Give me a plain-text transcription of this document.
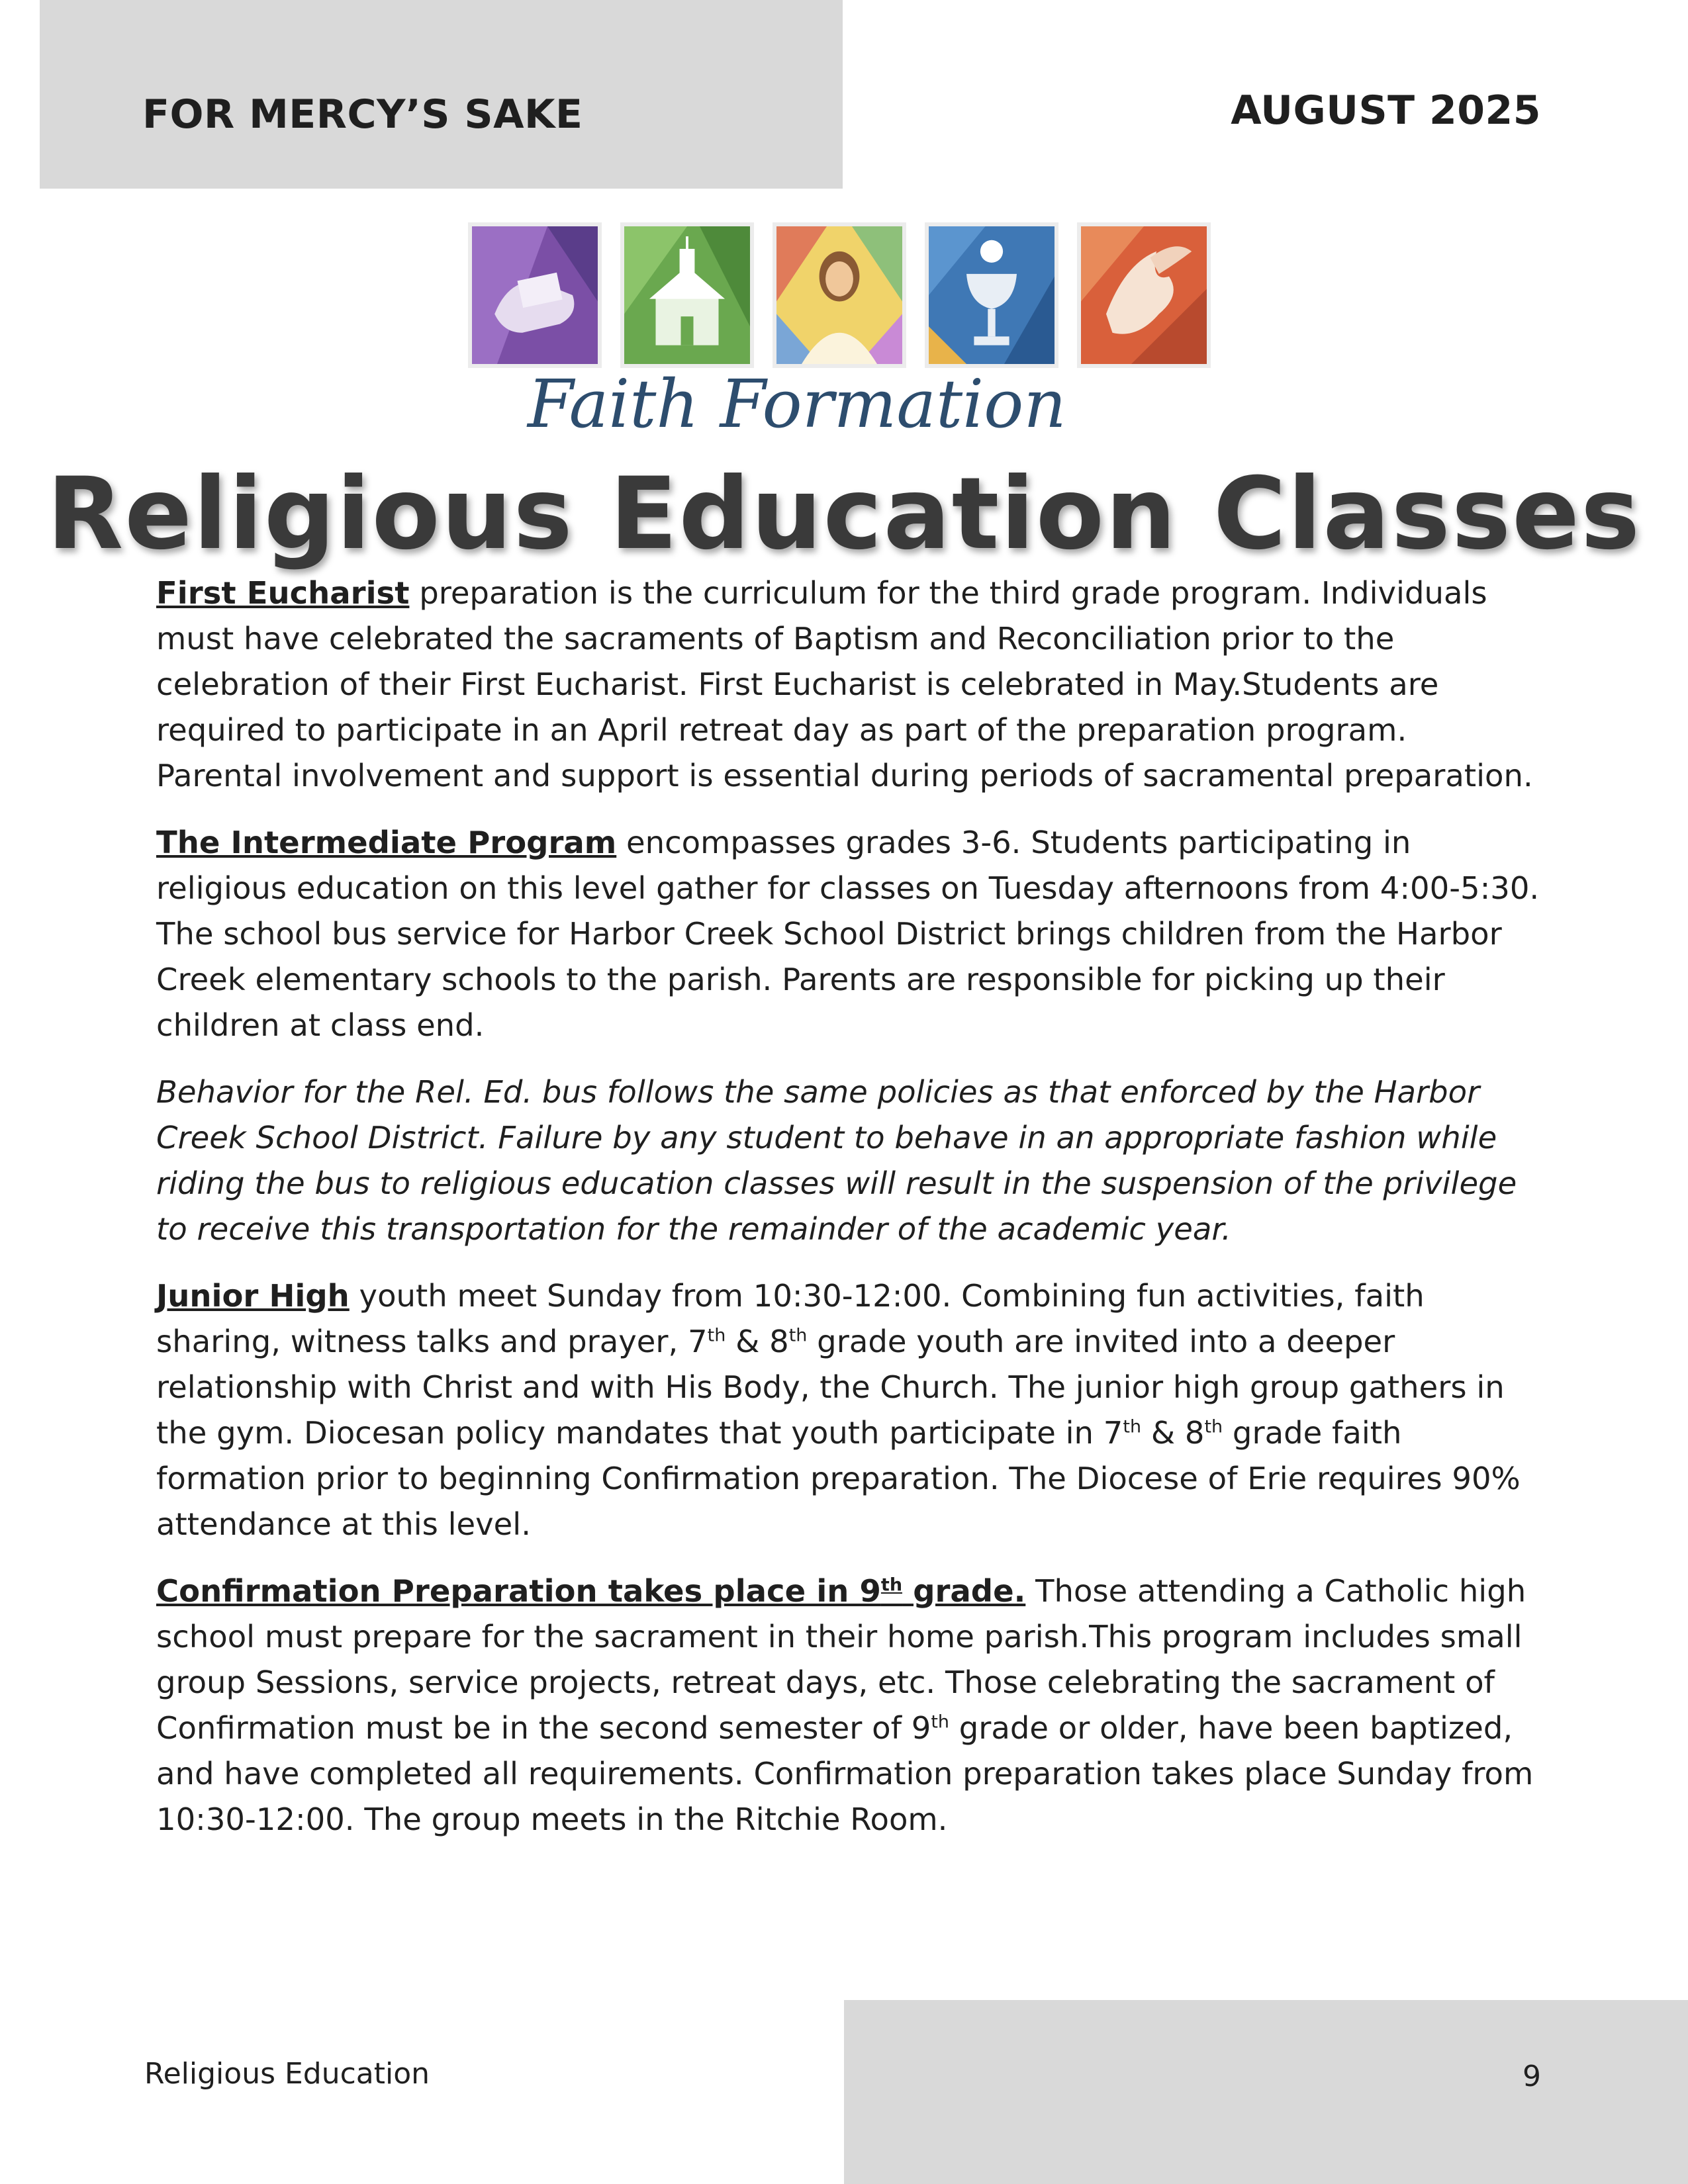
FOR MERCY’S SAKE	AUGUST 2025
Faith Formation
Religious Education Classes

First Eucharist preparation is the curriculum for the third grade program. Individuals must have celebrated the sacraments of Baptism and Reconciliation prior to the celebration of their First Eucharist. First Eucharist is celebrated in May.Students are required to participate in an April retreat day as part of the preparation program. Parental involvement and support is essential during periods of sacramental preparation.

The Intermediate Program encompasses grades 3-6. Students participating in religious education on this level gather for classes on Tuesday afternoons from 4:00-5:30. The school bus service for Harbor Creek School District brings children from the Harbor Creek elementary schools to the parish. Parents are responsible for picking up their children at class end.

Behavior for the Rel. Ed. bus follows the same policies as that enforced by the Harbor Creek School District. Failure by any student to behave in an appropriate fashion while riding the bus to religious education classes will result in the suspension of the privilege to receive this transportation for the remainder of the academic year.

Junior High youth meet Sunday from 10:30-12:00. Combining fun activities, faith sharing, witness talks and prayer, 7th & 8th grade youth are invited into a deeper relationship with Christ and with His Body, the Church. The junior high group gathers in the gym. Diocesan policy mandates that youth participate in 7th & 8th grade faith formation prior to beginning Confirmation preparation. The Diocese of Erie requires 90% attendance at this level.

Confirmation Preparation takes place in 9th grade. Those attending a Catholic high school must prepare for the sacrament in their home parish.This program includes small group Sessions, service projects, retreat days, etc. Those celebrating the sacrament of Confirmation must be in the second semester of 9th grade or older, have been baptized, and have completed all requirements. Confirmation preparation takes place Sunday from 10:30-12:00. The group meets in the Ritchie Room.

Religious Education	9
